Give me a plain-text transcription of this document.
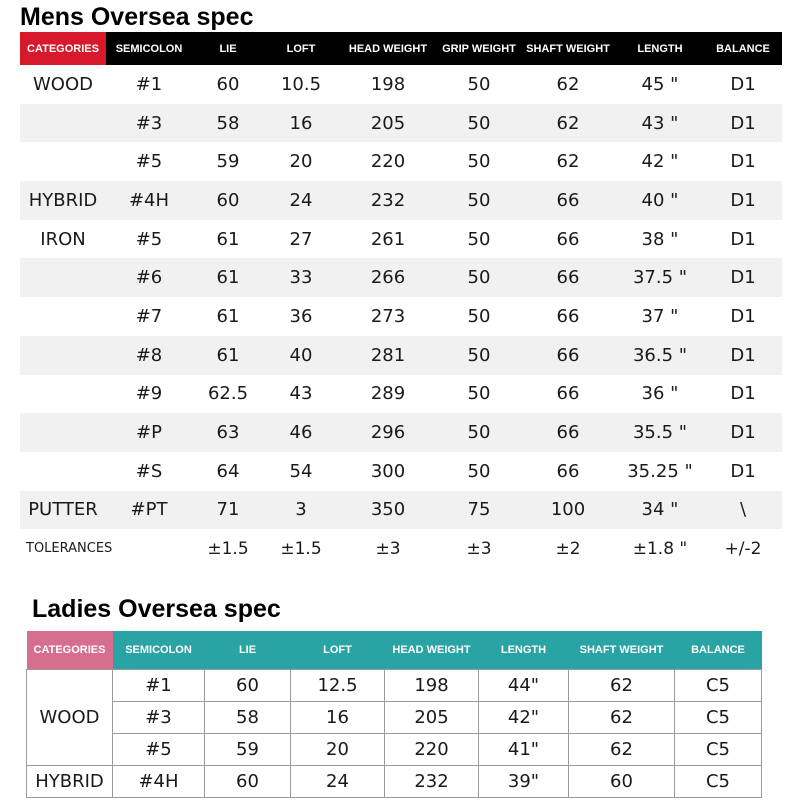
Mens Oversea spec
CATEGORIES	SEMICOLON	LIE	LOFT	HEAD WEIGHT	GRIP WEIGHT	SHAFT WEIGHT	LENGTH	BALANCE
WOOD	#1	60	10.5	198	50	62	45 "	D1
	#3	58	16	205	50	62	43 "	D1
	#5	59	20	220	50	62	42 "	D1
HYBRID	#4H	60	24	232	50	66	40 "	D1
IRON	#5	61	27	261	50	66	38 "	D1
	#6	61	33	266	50	66	37.5 "	D1
	#7	61	36	273	50	66	37 "	D1
	#8	61	40	281	50	66	36.5 "	D1
	#9	62.5	43	289	50	66	36 "	D1
	#P	63	46	296	50	66	35.5 "	D1
	#S	64	54	300	50	66	35.25 "	D1
PUTTER	#PT	71	3	350	75	100	34 "	\
TOLERANCES		±1.5	±1.5	±3	±3	±2	±1.8 "	+/-2
Ladies Oversea spec
CATEGORIES	SEMICOLON	LIE	LOFT	HEAD WEIGHT	LENGTH	SHAFT WEIGHT	BALANCE
WOOD	#1	60	12.5	198	44"	62	C5
	#3	58	16	205	42"	62	C5
	#5	59	20	220	41"	62	C5
HYBRID	#4H	60	24	232	39"	60	C5
